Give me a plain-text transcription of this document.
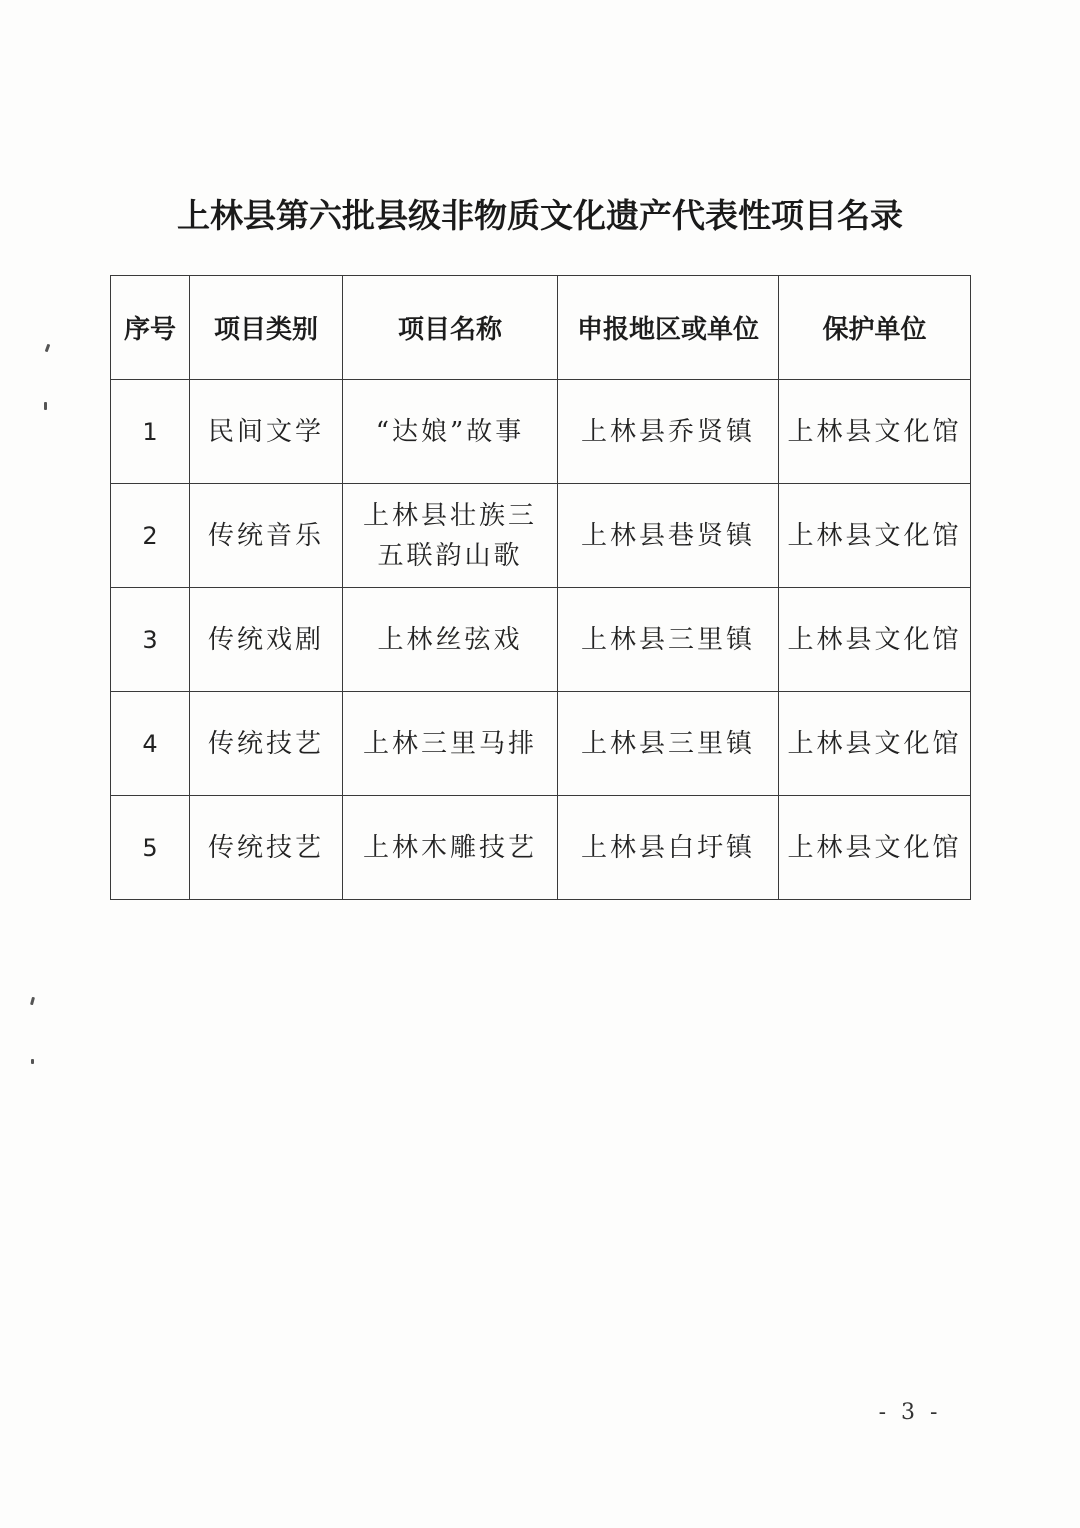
上林县第六批县级非物质文化遗产代表性项目名录
序号	项目类别	项目名称	申报地区或单位	保护单位
1	民间文学	“达娘”故事	上林县乔贤镇	上林县文化馆
2	传统音乐	上林县壮族三五联韵山歌	上林县巷贤镇	上林县文化馆
3	传统戏剧	上林丝弦戏	上林县三里镇	上林县文化馆
4	传统技艺	上林三里马排	上林县三里镇	上林县文化馆
5	传统技艺	上林木雕技艺	上林县白圩镇	上林县文化馆
- 3 -
